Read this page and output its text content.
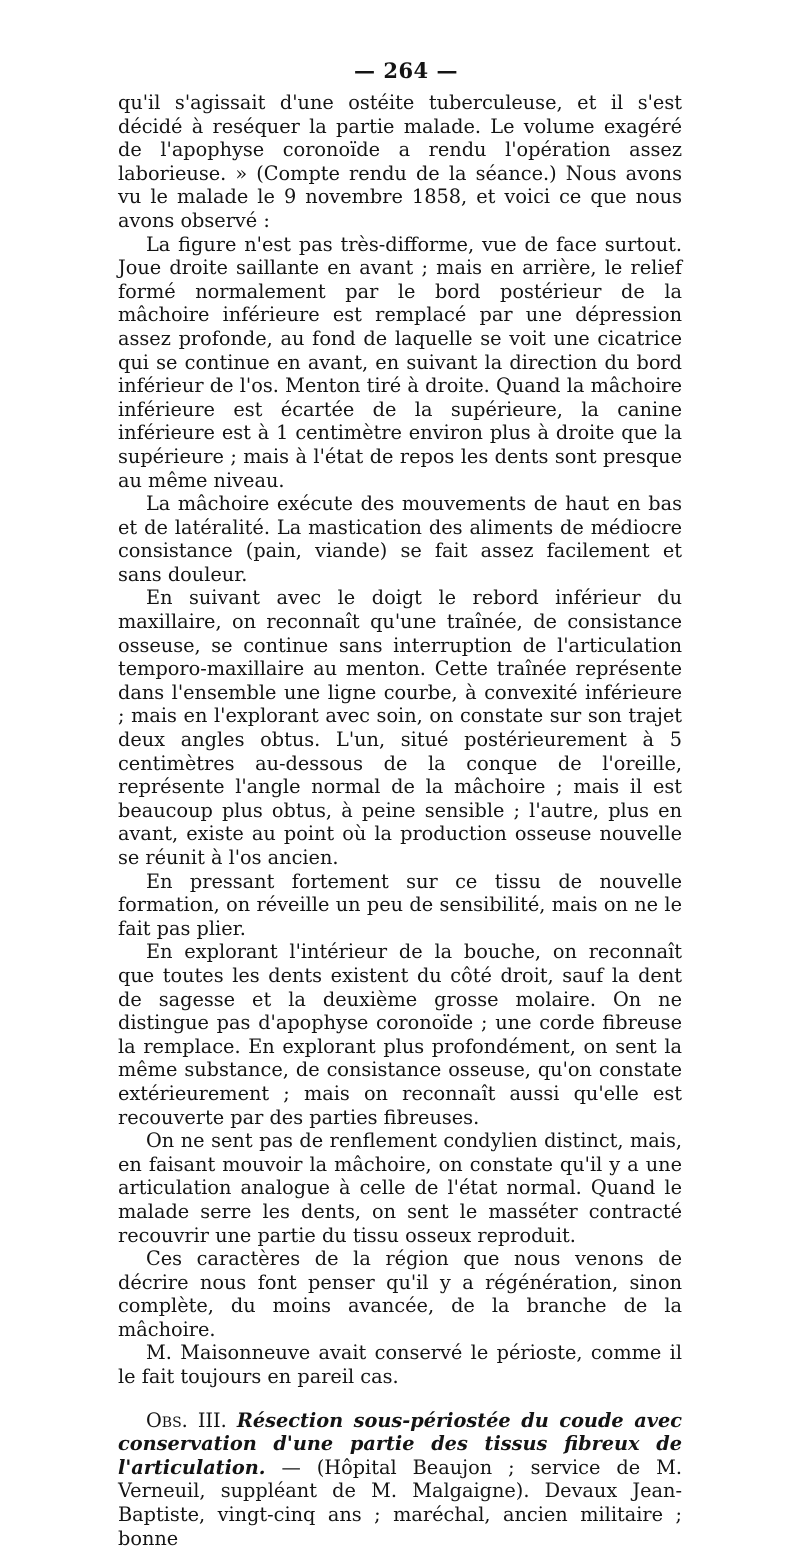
— 264 —

qu'il s'agissait d'une ostéite tuberculeuse, et il s'est décidé à reséquer la partie malade. Le volume exagéré de l'apophyse coronoïde a rendu l'opération assez laborieuse. » (Compte rendu de la séance.) Nous avons vu le malade le 9 novembre 1858, et voici ce que nous avons observé :

La figure n'est pas très-difforme, vue de face surtout. Joue droite saillante en avant ; mais en arrière, le relief formé normalement par le bord postérieur de la mâchoire inférieure est remplacé par une dépression assez profonde, au fond de laquelle se voit une cicatrice qui se continue en avant, en suivant la direction du bord inférieur de l'os. Menton tiré à droite. Quand la mâchoire inférieure est écartée de la supérieure, la canine inférieure est à 1 centimètre environ plus à droite que la supérieure ; mais à l'état de repos les dents sont presque au même niveau.

La mâchoire exécute des mouvements de haut en bas et de latéralité. La mastication des aliments de médiocre consistance (pain, viande) se fait assez facilement et sans douleur.

En suivant avec le doigt le rebord inférieur du maxillaire, on reconnaît qu'une traînée, de consistance osseuse, se continue sans interruption de l'articulation temporo-maxillaire au menton. Cette traînée représente dans l'ensemble une ligne courbe, à convexité inférieure ; mais en l'explorant avec soin, on constate sur son trajet deux angles obtus. L'un, situé postérieurement à 5 centimètres au-dessous de la conque de l'oreille, représente l'angle normal de la mâchoire ; mais il est beaucoup plus obtus, à peine sensible ; l'autre, plus en avant, existe au point où la production osseuse nouvelle se réunit à l'os ancien.

En pressant fortement sur ce tissu de nouvelle formation, on réveille un peu de sensibilité, mais on ne le fait pas plier.

En explorant l'intérieur de la bouche, on reconnaît que toutes les dents existent du côté droit, sauf la dent de sagesse et la deuxième grosse molaire. On ne distingue pas d'apophyse coronoïde ; une corde fibreuse la remplace. En explorant plus profondément, on sent la même substance, de consistance osseuse, qu'on constate extérieurement ; mais on reconnaît aussi qu'elle est recouverte par des parties fibreuses.

On ne sent pas de renflement condylien distinct, mais, en faisant mouvoir la mâchoire, on constate qu'il y a une articulation analogue à celle de l'état normal. Quand le malade serre les dents, on sent le masséter contracté recouvrir une partie du tissu osseux reproduit.

Ces caractères de la région que nous venons de décrire nous font penser qu'il y a régénération, sinon complète, du moins avancée, de la branche de la mâchoire.

M. Maisonneuve avait conservé le périoste, comme il le fait toujours en pareil cas.

Obs. III. Résection sous-périostée du coude avec conservation d'une partie des tissus fibreux de l'articulation. — (Hôpital Beaujon ; service de M. Verneuil, suppléant de M. Malgaigne). Devaux Jean-Baptiste, vingt-cinq ans ; maréchal, ancien militaire ; bonne
